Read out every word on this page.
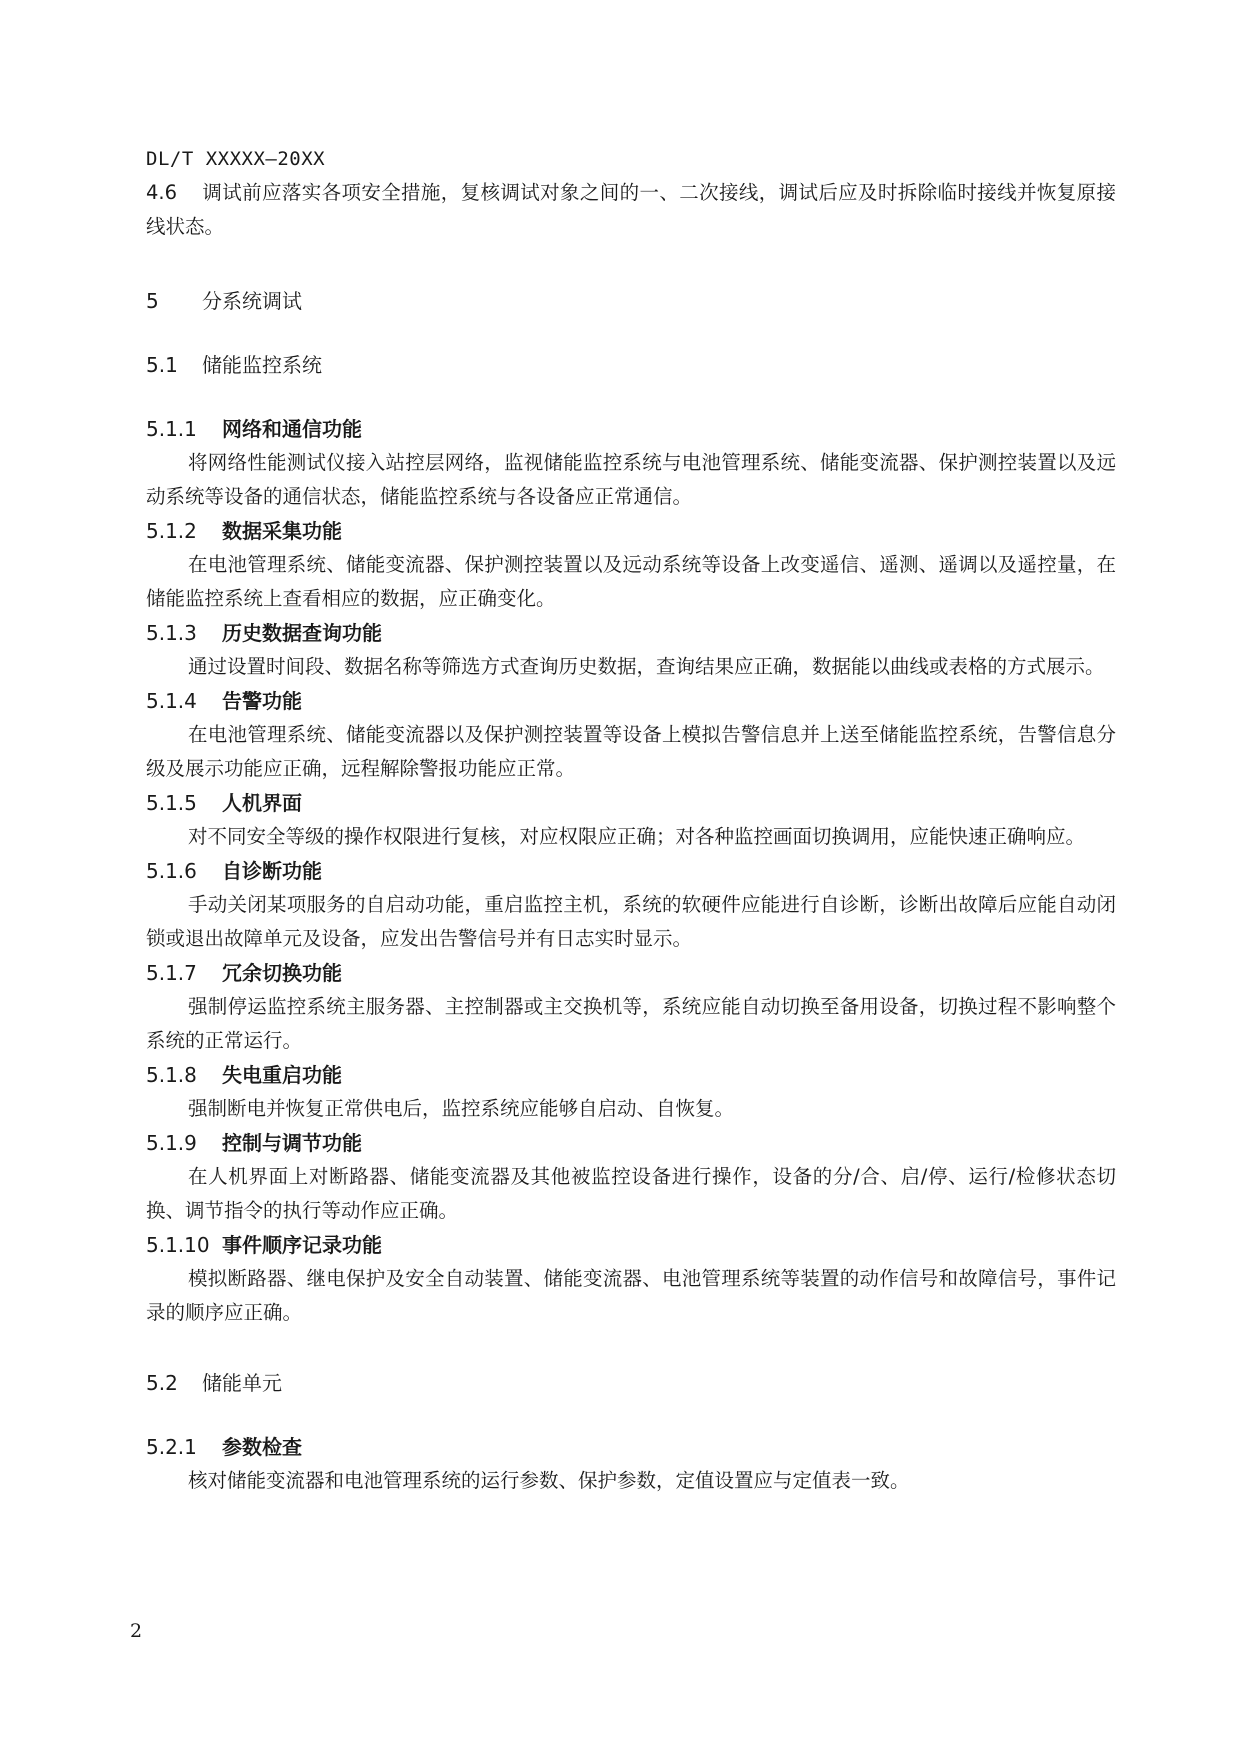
DL/T XXXXX—20XX

4.6 调试前应落实各项安全措施，复核调试对象之间的一、二次接线，调试后应及时拆除临时接线并恢复原接线状态。

5 分系统调试
5.1 储能监控系统
5.1.1 网络和通信功能

将网络性能测试仪接入站控层网络，监视储能监控系统与电池管理系统、储能变流器、保护测控装置以及远动系统等设备的通信状态，储能监控系统与各设备应正常通信。

5.1.2 数据采集功能

在电池管理系统、储能变流器、保护测控装置以及远动系统等设备上改变遥信、遥测、遥调以及遥控量，在储能监控系统上查看相应的数据，应正确变化。

5.1.3 历史数据查询功能

通过设置时间段、数据名称等筛选方式查询历史数据，查询结果应正确，数据能以曲线或表格的方式展示。

5.1.4 告警功能

在电池管理系统、储能变流器以及保护测控装置等设备上模拟告警信息并上送至储能监控系统，告警信息分级及展示功能应正确，远程解除警报功能应正常。

5.1.5 人机界面

对不同安全等级的操作权限进行复核，对应权限应正确；对各种监控画面切换调用，应能快速正确响应。

5.1.6 自诊断功能

手动关闭某项服务的自启动功能，重启监控主机，系统的软硬件应能进行自诊断，诊断出故障后应能自动闭锁或退出故障单元及设备，应发出告警信号并有日志实时显示。

5.1.7 冗余切换功能

强制停运监控系统主服务器、主控制器或主交换机等，系统应能自动切换至备用设备，切换过程不影响整个系统的正常运行。

5.1.8 失电重启功能

强制断电并恢复正常供电后，监控系统应能够自启动、自恢复。

5.1.9 控制与调节功能

在人机界面上对断路器、储能变流器及其他被监控设备进行操作，设备的分/合、启/停、运行/检修状态切换、调节指令的执行等动作应正确。

5.1.10 事件顺序记录功能

模拟断路器、继电保护及安全自动装置、储能变流器、电池管理系统等装置的动作信号和故障信号，事件记录的顺序应正确。

5.2 储能单元
5.2.1 参数检查

核对储能变流器和电池管理系统的运行参数、保护参数，定值设置应与定值表一致。

2
